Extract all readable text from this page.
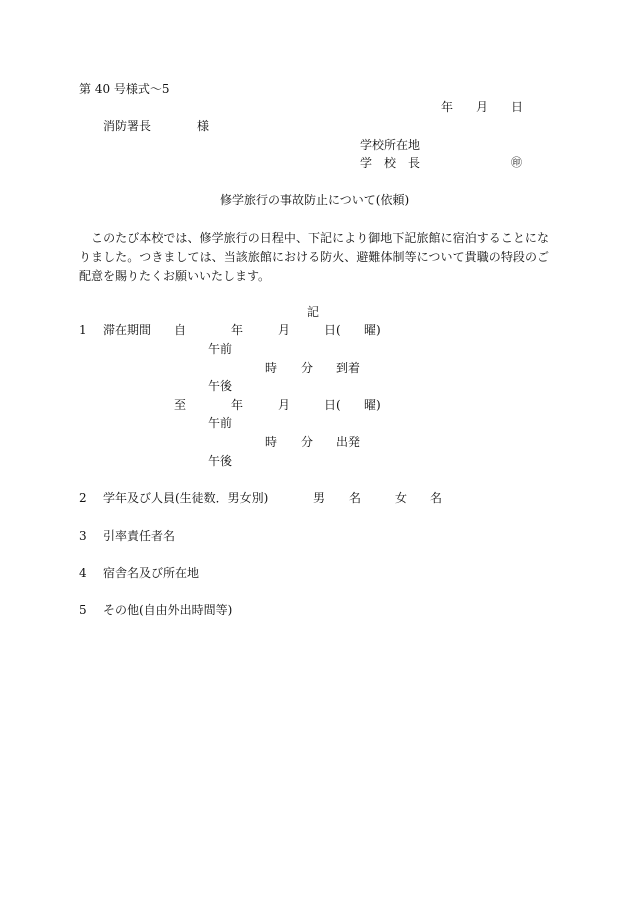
第 40 号様式〜5
年 月 日
消防署長	様
学校所在地
学　校　長	㊞
修学旅行の事故防止について(依頼)
　このたび本校では、修学旅行の日程中、下記により御地下記旅館に宿泊することになりました。つきましては、当該旅館における防火、避難体制等について貴職の特段のご配意を賜りたくお願いいたします。
記
1 滞在期間 自	年	月	日( 曜)
午前
時 分 到着
午後
至	年	月	日( 曜)
午前
時 分 出発
午後
2 学年及び人員(生徒数．男女別)	男 名	女 名
3 引率責任者名
4 宿舎名及び所在地
5 その他(自由外出時間等)
